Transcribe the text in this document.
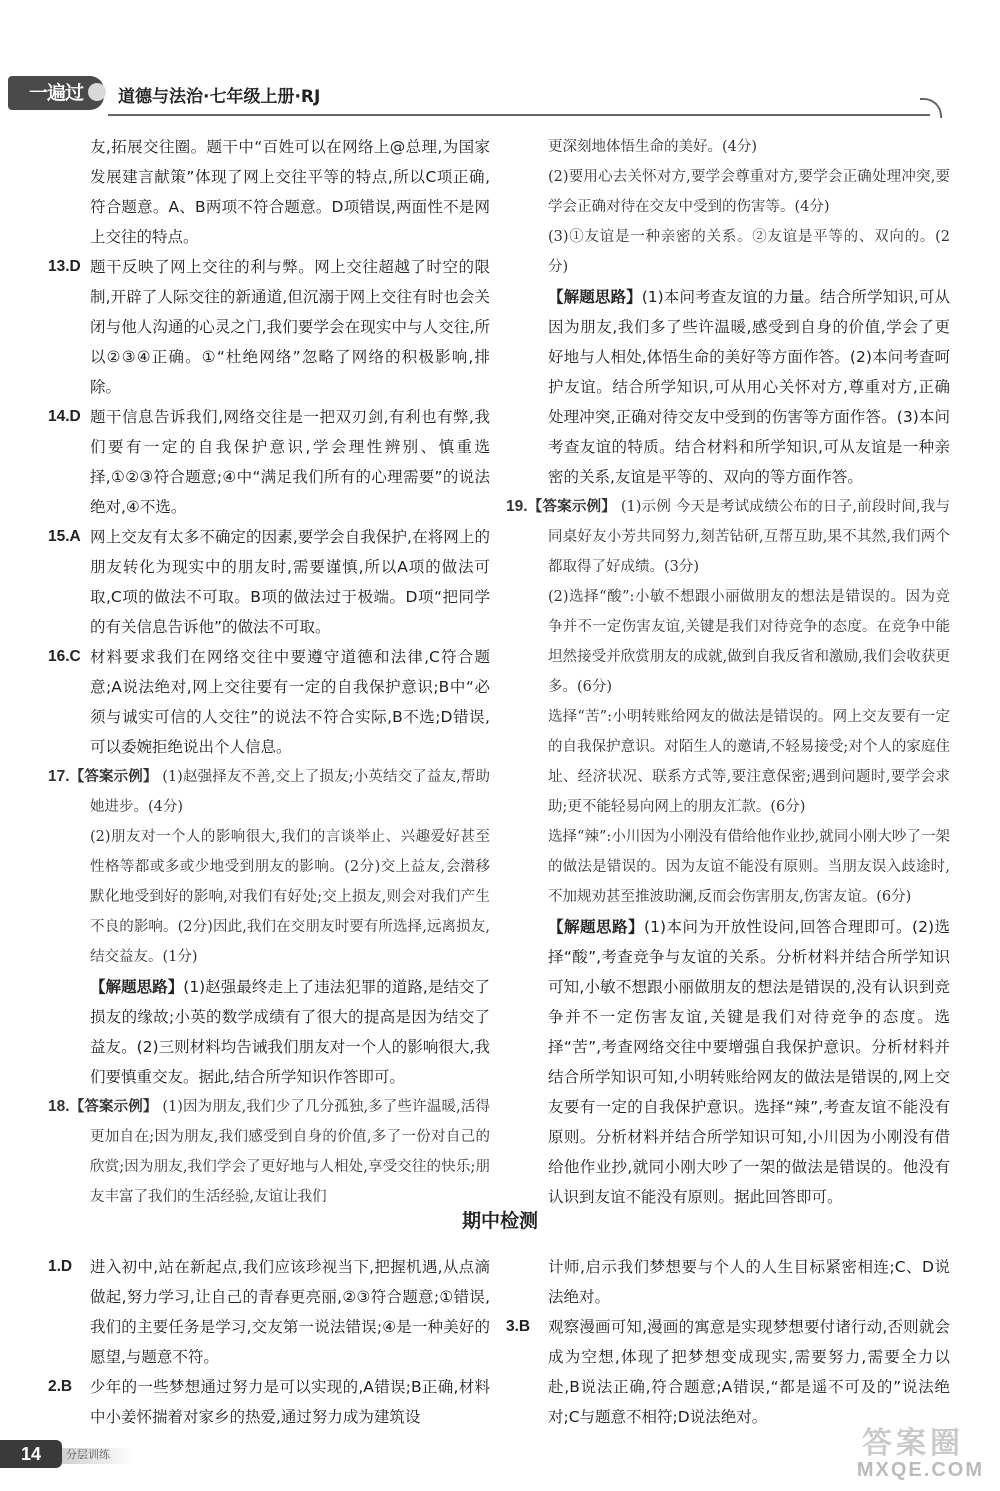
一遍过	道德与法治·七年级上册·RJ

友,拓展交往圈。题干中“百姓可以在网络上@总理,为国家发展建言献策”体现了网上交往平等的特点,所以C项正确,符合题意。A、B两项不符合题意。D项错误,两面性不是网上交往的特点。

13.D 题干反映了网上交往的利与弊。网上交往超越了时空的限制,开辟了人际交往的新通道,但沉溺于网上交往有时也会关闭与他人沟通的心灵之门,我们要学会在现实中与人交往,所以②③④正确。①“杜绝网络”忽略了网络的积极影响,排除。

14.D 题干信息告诉我们,网络交往是一把双刃剑,有利也有弊,我们要有一定的自我保护意识,学会理性辨别、慎重选择,①②③符合题意;④中“满足我们所有的心理需要”的说法绝对,④不选。

15.A 网上交友有太多不确定的因素,要学会自我保护,在将网上的朋友转化为现实中的朋友时,需要谨慎,所以A项的做法可取,C项的做法不可取。B项的做法过于极端。D项“把同学的有关信息告诉他”的做法不可取。

16.C 材料要求我们在网络交往中要遵守道德和法律,C符合题意;A说法绝对,网上交往要有一定的自我保护意识;B中“必须与诚实可信的人交往”的说法不符合实际,B不选;D错误,可以委婉拒绝说出个人信息。

17.【答案示例】 (1)赵强择友不善,交上了损友;小英结交了益友,帮助她进步。(4分)

(2)朋友对一个人的影响很大,我们的言谈举止、兴趣爱好甚至性格等都或多或少地受到朋友的影响。(2分)交上益友,会潜移默化地受到好的影响,对我们有好处;交上损友,则会对我们产生不良的影响。(2分)因此,我们在交朋友时要有所选择,远离损友,结交益友。(1分)

【解题思路】(1)赵强最终走上了违法犯罪的道路,是结交了损友的缘故;小英的数学成绩有了很大的提高是因为结交了益友。(2)三则材料均告诫我们朋友对一个人的影响很大,我们要慎重交友。据此,结合所学知识作答即可。

18.【答案示例】 (1)因为朋友,我们少了几分孤独,多了些许温暖,活得更加自在;因为朋友,我们感受到自身的价值,多了一份对自己的欣赏;因为朋友,我们学会了更好地与人相处,享受交往的快乐;朋友丰富了我们的生活经验,友谊让我们

更深刻地体悟生命的美好。(4分)

(2)要用心去关怀对方,要学会尊重对方,要学会正确处理冲突,要学会正确对待在交友中受到的伤害等。(4分)

(3)①友谊是一种亲密的关系。②友谊是平等的、双向的。(2分)

【解题思路】(1)本问考查友谊的力量。结合所学知识,可从因为朋友,我们多了些许温暖,感受到自身的价值,学会了更好地与人相处,体悟生命的美好等方面作答。(2)本问考查呵护友谊。结合所学知识,可从用心关怀对方,尊重对方,正确处理冲突,正确对待交友中受到的伤害等方面作答。(3)本问考查友谊的特质。结合材料和所学知识,可从友谊是一种亲密的关系,友谊是平等的、双向的等方面作答。

19.【答案示例】 (1)示例 今天是考试成绩公布的日子,前段时间,我与同桌好友小芳共同努力,刻苦钻研,互帮互助,果不其然,我们两个都取得了好成绩。(3分)

(2)选择“酸”:小敏不想跟小丽做朋友的想法是错误的。因为竞争并不一定伤害友谊,关键是我们对待竞争的态度。在竞争中能坦然接受并欣赏朋友的成就,做到自我反省和激励,我们会收获更多。(6分)

选择“苦”:小明转账给网友的做法是错误的。网上交友要有一定的自我保护意识。对陌生人的邀请,不轻易接受;对个人的家庭住址、经济状况、联系方式等,要注意保密;遇到问题时,要学会求助;更不能轻易向网上的朋友汇款。(6分)

选择“辣”:小川因为小刚没有借给他作业抄,就同小刚大吵了一架的做法是错误的。因为友谊不能没有原则。当朋友误入歧途时,不加规劝甚至推波助澜,反而会伤害朋友,伤害友谊。(6分)

【解题思路】(1)本问为开放性设问,回答合理即可。(2)选择“酸”,考查竞争与友谊的关系。分析材料并结合所学知识可知,小敏不想跟小丽做朋友的想法是错误的,没有认识到竞争并不一定伤害友谊,关键是我们对待竞争的态度。选择“苦”,考查网络交往中要增强自我保护意识。分析材料并结合所学知识可知,小明转账给网友的做法是错误的,网上交友要有一定的自我保护意识。选择“辣”,考查友谊不能没有原则。分析材料并结合所学知识可知,小川因为小刚没有借给他作业抄,就同小刚大吵了一架的做法是错误的。他没有认识到友谊不能没有原则。据此回答即可。

期中检测
1.D 进入初中,站在新起点,我们应该珍视当下,把握机遇,从点滴做起,努力学习,让自己的青春更亮丽,②③符合题意;①错误,我们的主要任务是学习,交友第一说法错误;④是一种美好的愿望,与题意不符。

2.B 少年的一些梦想通过努力是可以实现的,A错误;B正确,材料中小姜怀揣着对家乡的热爱,通过努力成为建筑设

计师,启示我们梦想要与个人的人生目标紧密相连;C、D说法绝对。

3.B 观察漫画可知,漫画的寓意是实现梦想要付诸行动,否则就会成为空想,体现了把梦想变成现实,需要努力,需要全力以赴,B说法正确,符合题意;A错误,“都是遥不可及的”说法绝对;C与题意不相符;D说法绝对。

14	分层训练	答案圈
MXQE.COM
